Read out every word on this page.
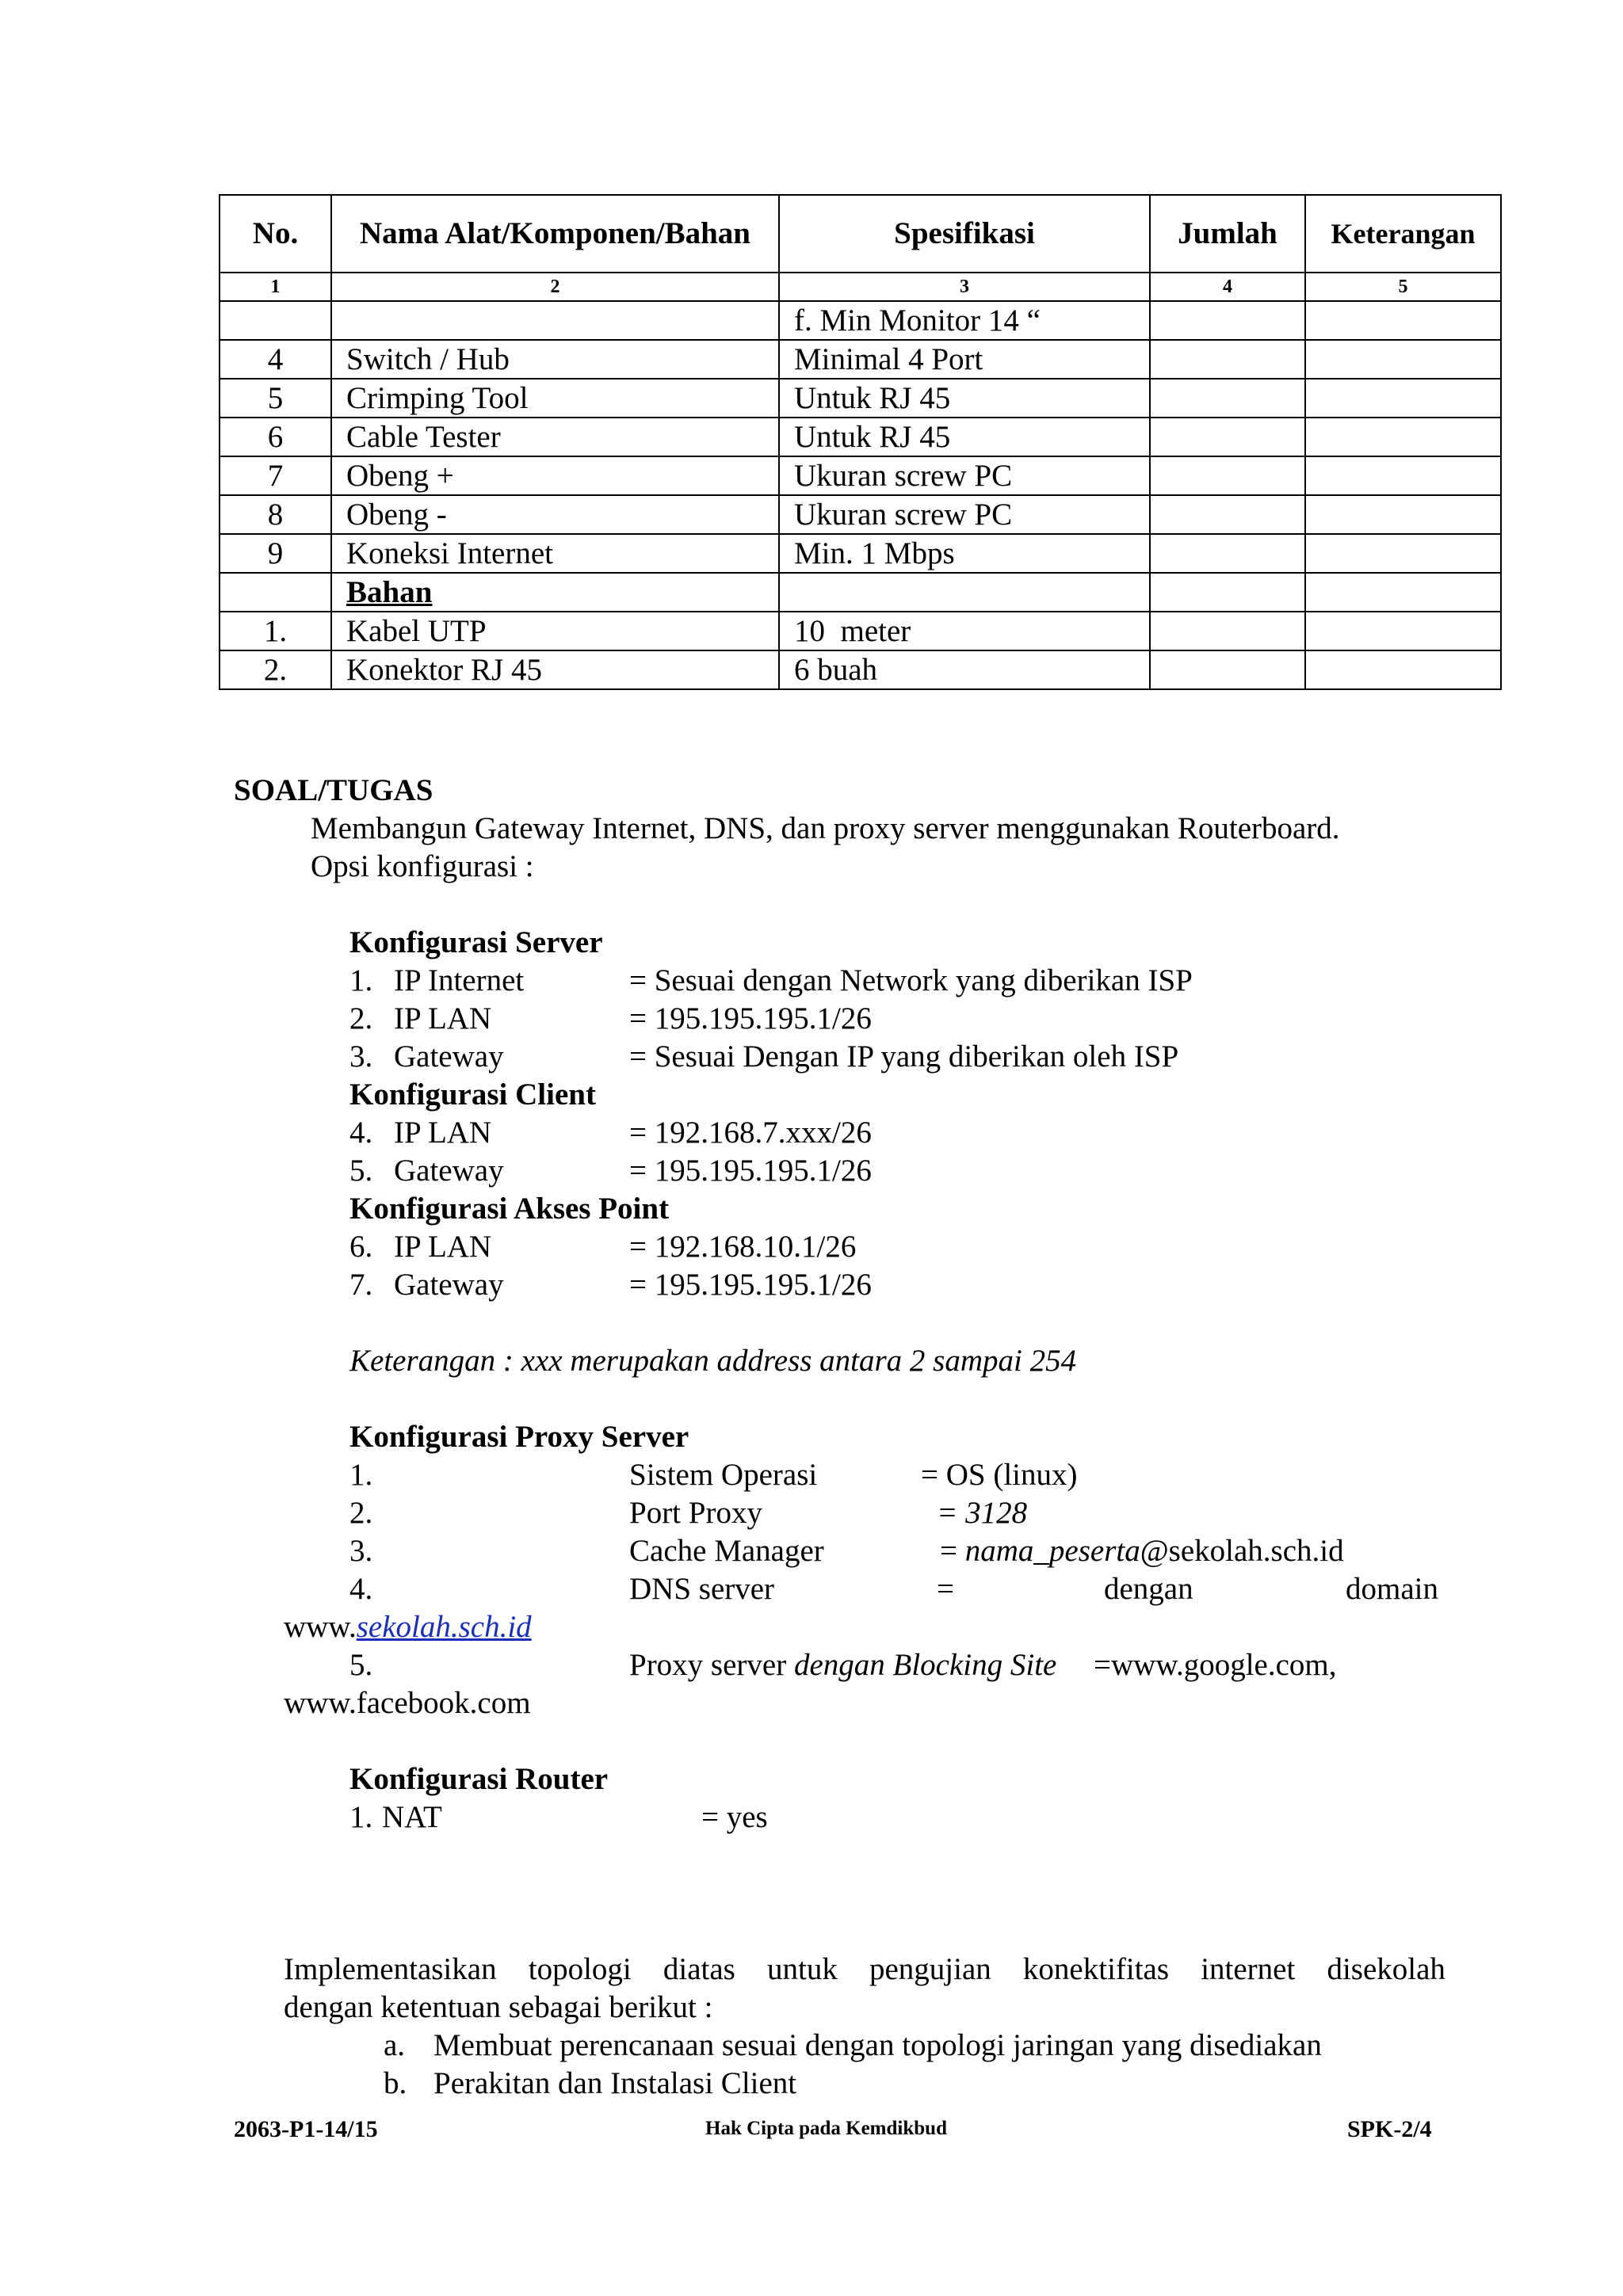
No.	Nama Alat/Komponen/Bahan	Spesifikasi	Jumlah	Keterangan
1	2	3	4	5
		f. Min Monitor 14 “		
4	Switch / Hub	Minimal 4 Port		
5	Crimping Tool	Untuk RJ 45		
6	Cable Tester	Untuk RJ 45		
7	Obeng +	Ukuran screw PC		
8	Obeng -	Ukuran screw PC		
9	Koneksi Internet	Min. 1 Mbps		
	Bahan			
1.	Kabel UTP	10  meter		
2.	Konektor RJ 45	6 buah		
SOAL/TUGAS
Membangun Gateway Internet, DNS, dan proxy server menggunakan Routerboard.
Opsi konfigurasi :
Konfigurasi Server
1. IP Internet	= Sesuai dengan Network yang diberikan ISP
2. IP LAN	= 195.195.195.1/26
3. Gateway	= Sesuai Dengan IP yang diberikan oleh ISP
Konfigurasi Client
4. IP LAN	= 192.168.7.xxx/26
5. Gateway	= 195.195.195.1/26
Konfigurasi Akses Point
6. IP LAN	= 192.168.10.1/26
7. Gateway	= 195.195.195.1/26
Keterangan : xxx merupakan address antara 2 sampai 254
Konfigurasi Proxy Server
1.	Sistem Operasi	= OS (linux)
2.	Port Proxy	= 3128
3.	Cache Manager	= nama_peserta@sekolah.sch.id
4.	DNS server	=	dengan	domain
www.sekolah.sch.id
5.	Proxy server dengan Blocking Site =www.google.com,
www.facebook.com
Konfigurasi Router
1. NAT	= yes
Implementasikan topologi diatas untuk pengujian konektifitas internet disekolah
dengan ketentuan sebagai berikut :
a. Membuat perencanaan sesuai dengan topologi jaringan yang disediakan
b. Perakitan dan Instalasi Client
2063-P1-14/15	Hak Cipta pada Kemdikbud	SPK-2/4
